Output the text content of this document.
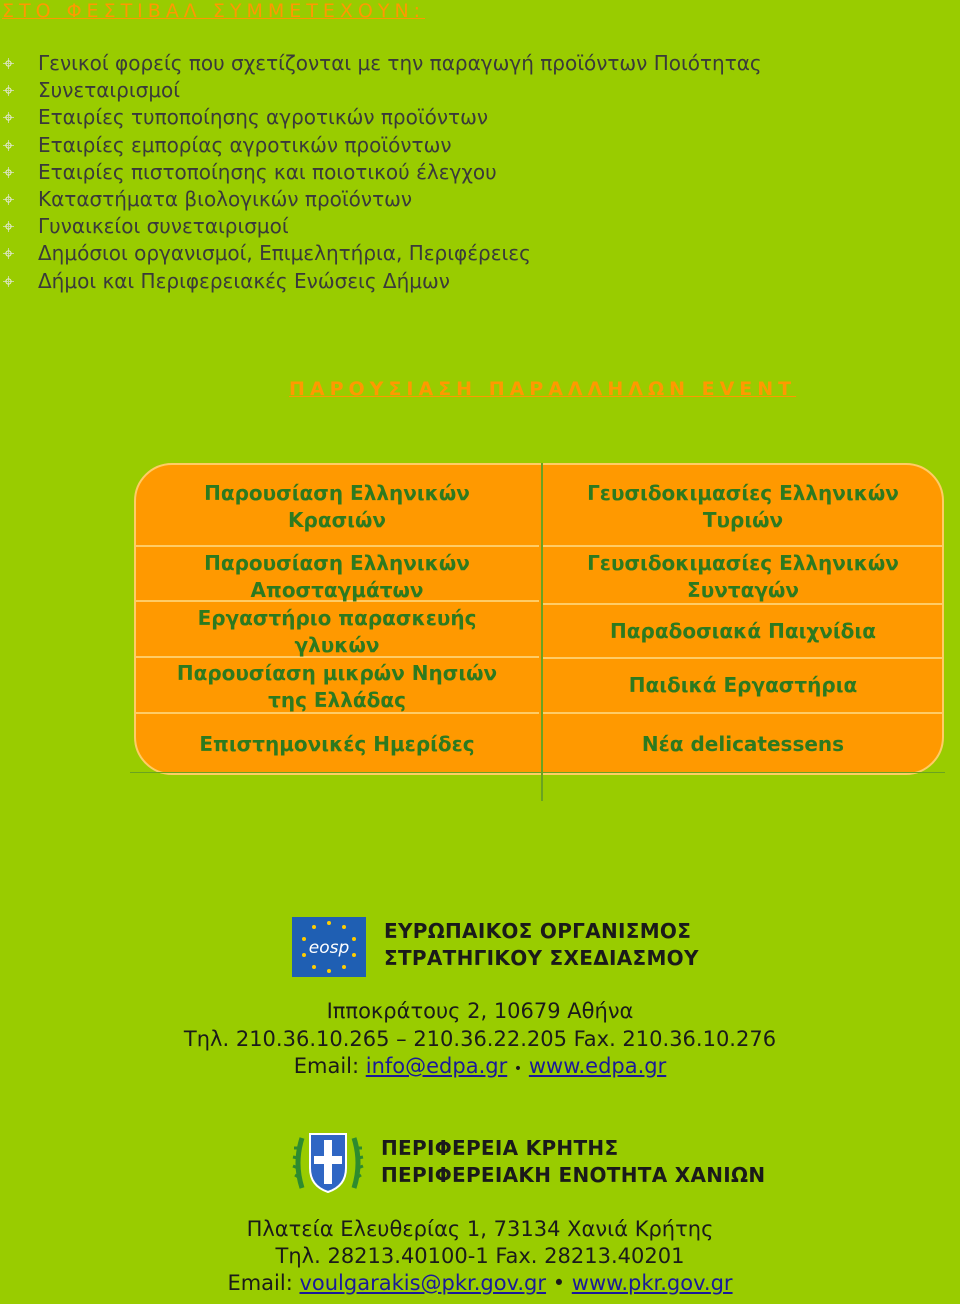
ΣΤΟ ΦΕΣΤΙΒΑΛ ΣΥΜΜΕΤΕΧΟΥΝ:
Γενικοί φορείς που σχετίζονται με την παραγωγή προϊόντων Ποιότητας
Συνεταιρισμοί
Εταιρίες τυποποίησης αγροτικών προϊόντων
Εταιρίες εμπορίας αγροτικών προϊόντων
Εταιρίες πιστοποίησης και ποιοτικού έλεγχου
Καταστήματα βιολογικών προϊόντων
Γυναικείοι συνεταιρισμοί
Δημόσιοι οργανισμοί, Επιμελητήρια, Περιφέρειες
Δήμοι και Περιφερειακές Ενώσεις Δήμων
ΠΑΡΟΥΣΙΑΣΗ ΠΑΡΑΛΛΗΛΩΝ EVENT
Παρουσίαση Ελληνικών
Κρασιών
Παρουσίαση Ελληνικών
Αποσταγμάτων
Εργαστήριο παρασκευής
γλυκών
Παρουσίαση μικρών Νησιών
της Ελλάδας
Επιστημονικές Ημερίδες
Γευσιδοκιμασίες Ελληνικών
Τυριών
Γευσιδοκιμασίες Ελληνικών
Συνταγών
Παραδοσιακά Παιχνίδια
Παιδικά Εργαστήρια
Νέα delicatessens
eosp
ΕΥΡΩΠΑΙΚΟΣ ΟΡΓΑΝΙΣΜΟΣ
ΣΤΡΑΤΗΓΙΚΟΥ ΣΧΕΔΙΑΣΜΟΥ
Ιπποκράτους 2, 10679 Αθήνα
Τηλ. 210.36.10.265 – 210.36.22.205 Fax. 210.36.10.276
Email: info@edpa.gr • www.edpa.gr
ΠΕΡΙΦΕΡΕΙΑ ΚΡΗΤΗΣ
ΠΕΡΙΦΕΡΕΙΑΚΗ ΕΝΟΤΗΤΑ ΧΑΝΙΩΝ
Πλατεία Ελευθερίας 1, 73134 Χανιά Κρήτης
Τηλ. 28213.40100-1 Fax. 28213.40201
Email: voulgarakis@pkr.gov.gr • www.pkr.gov.gr
